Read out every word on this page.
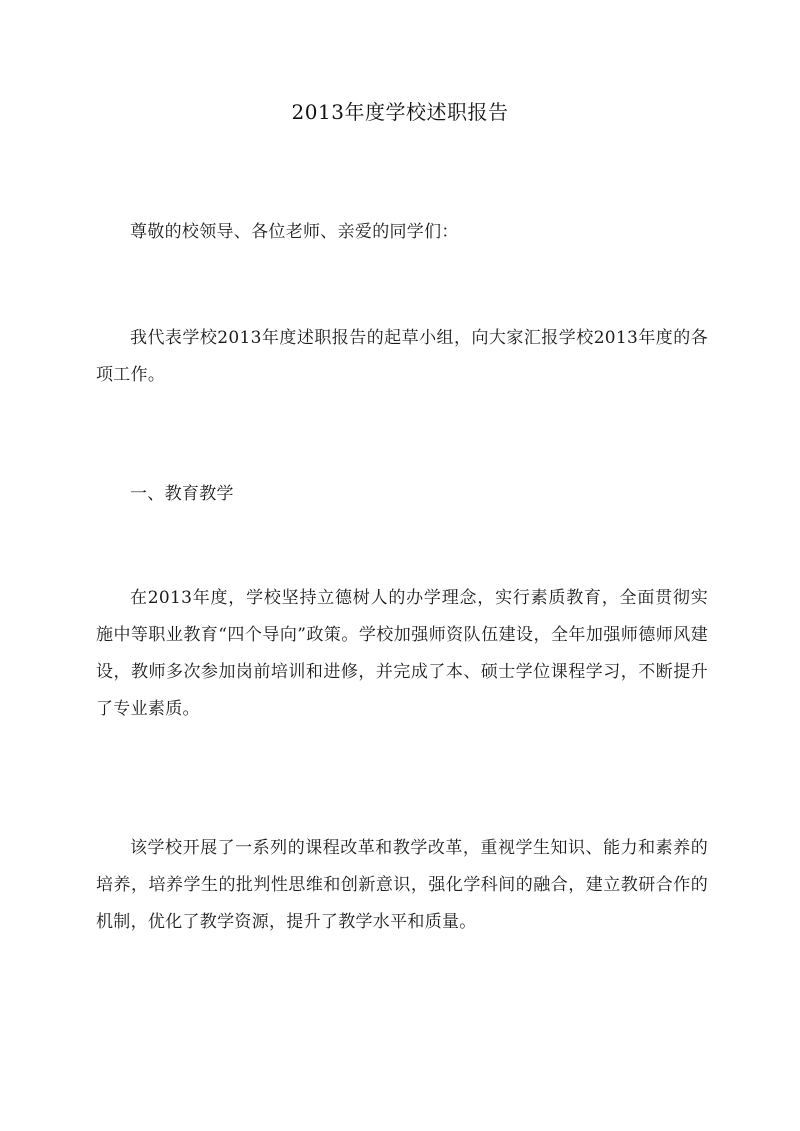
2013年度学校述职报告

尊敬的校领导、各位老师、亲爱的同学们：

我代表学校2013年度述职报告的起草小组，向大家汇报学校2013年度的各项工作。

一、教育教学

在2013年度，学校坚持立德树人的办学理念，实行素质教育，全面贯彻实施中等职业教育“四个导向”政策。学校加强师资队伍建设，全年加强师德师风建设，教师多次参加岗前培训和进修，并完成了本、硕士学位课程学习，不断提升了专业素质。

该学校开展了一系列的课程改革和教学改革，重视学生知识、能力和素养的培养，培养学生的批判性思维和创新意识，强化学科间的融合，建立教研合作的机制，优化了教学资源，提升了教学水平和质量。
